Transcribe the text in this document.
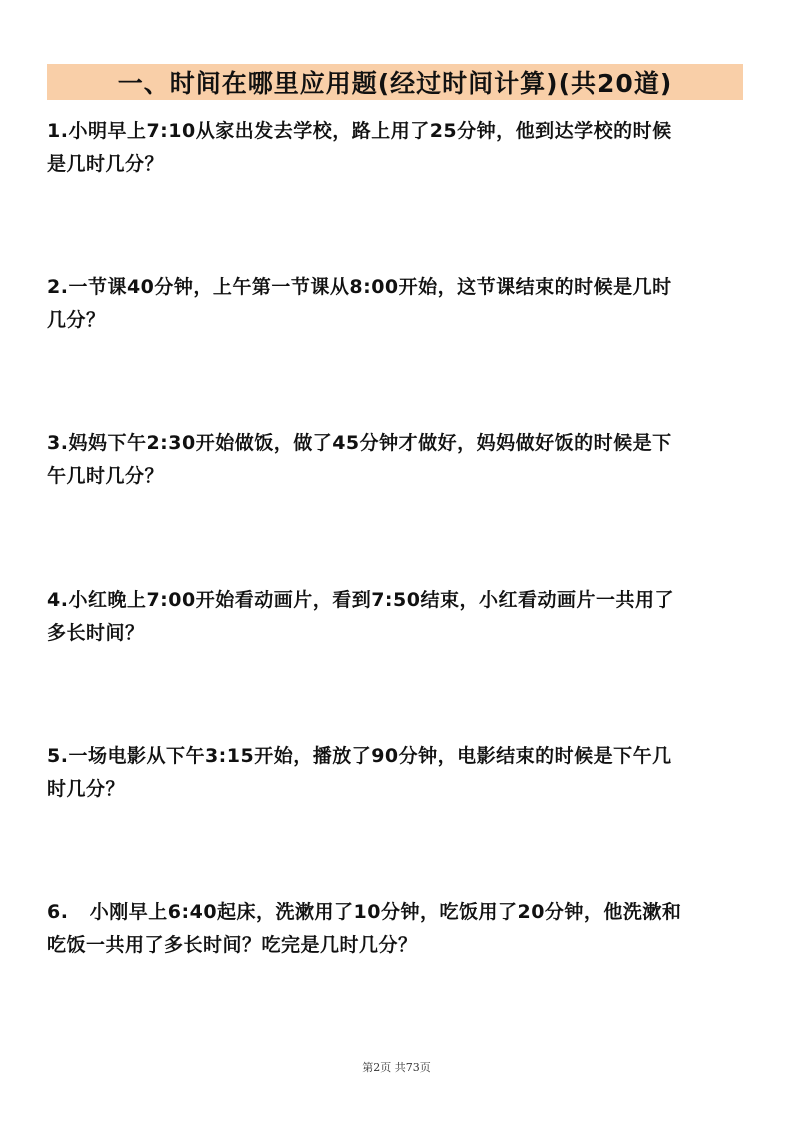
一、时间在哪里应用题(经过时间计算)(共20道)
1.小明早上7:10从家出发去学校，路上用了25分钟，他到达学校的时候
是几时几分？
2.一节课40分钟，上午第一节课从8:00开始，这节课结束的时候是几时
几分？
3.妈妈下午2:30开始做饭，做了45分钟才做好，妈妈做好饭的时候是下
午几时几分？
4.小红晚上7:00开始看动画片，看到7:50结束，小红看动画片一共用了
多长时间？
5.一场电影从下午3:15开始，播放了90分钟，电影结束的时候是下午几
时几分？
6.   小刚早上6:40起床，洗漱用了10分钟，吃饭用了20分钟，他洗漱和
吃饭一共用了多长时间？吃完是几时几分？
第2页 共73页
